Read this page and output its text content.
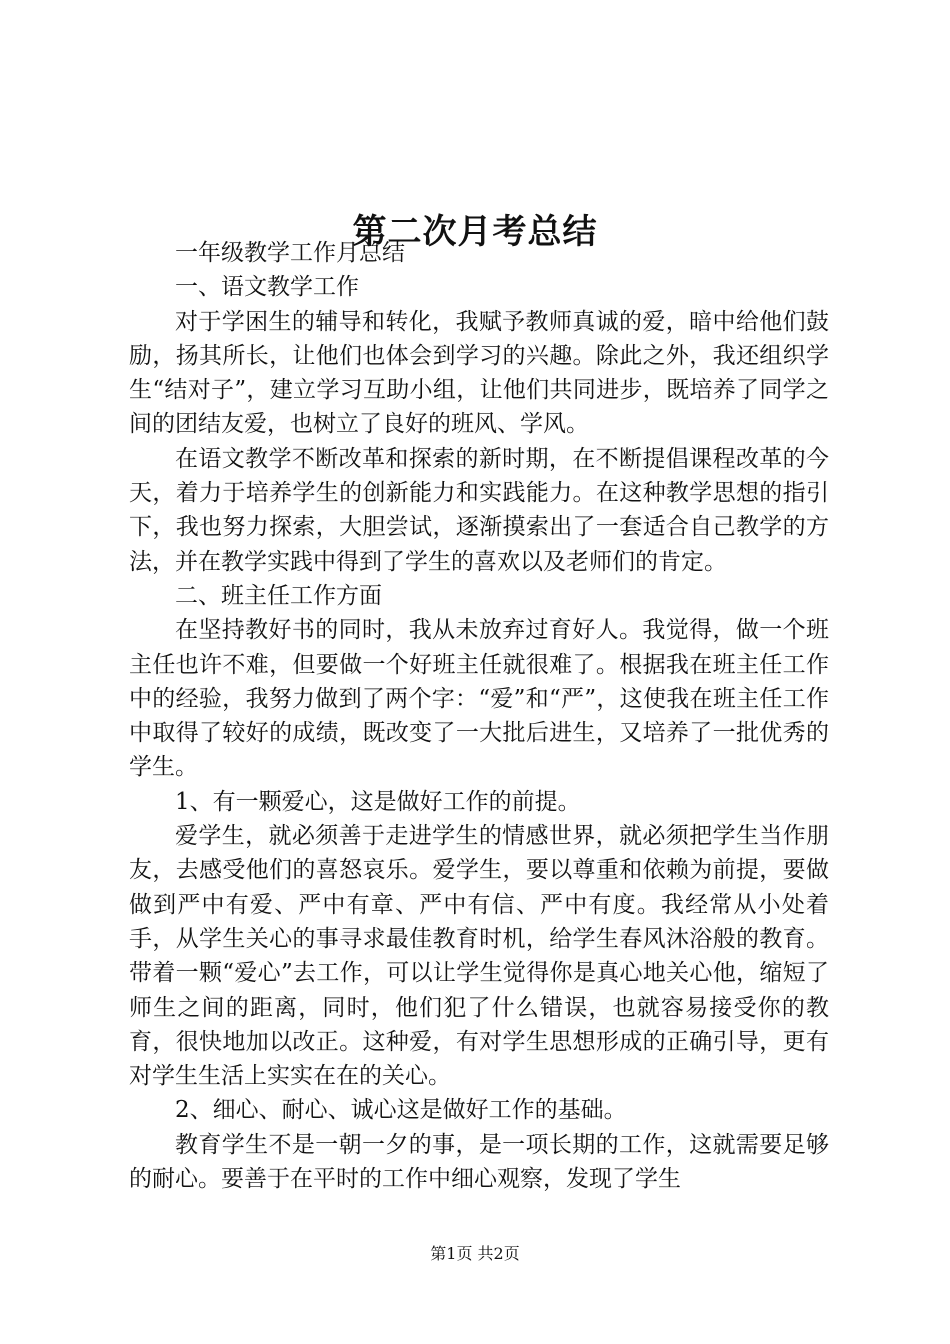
第二次月考总结

一年级教学工作月总结

一、语文教学工作

对于学困生的辅导和转化，我赋予教师真诚的爱，暗中给他们鼓励，扬其所长，让他们也体会到学习的兴趣。除此之外，我还组织学生“结对子”，建立学习互助小组，让他们共同进步，既培养了同学之间的团结友爱，也树立了良好的班风、学风。

在语文教学不断改革和探索的新时期，在不断提倡课程改革的今天，着力于培养学生的创新能力和实践能力。在这种教学思想的指引下，我也努力探索，大胆尝试，逐渐摸索出了一套适合自己教学的方法，并在教学实践中得到了学生的喜欢以及老师们的肯定。

二、班主任工作方面

在坚持教好书的同时，我从未放弃过育好人。我觉得，做一个班主任也许不难，但要做一个好班主任就很难了。根据我在班主任工作中的经验，我努力做到了两个字：“爱”和“严”，这使我在班主任工作中取得了较好的成绩，既改变了一大批后进生，又培养了一批优秀的学生。

1、有一颗爱心，这是做好工作的前提。

爱学生，就必须善于走进学生的情感世界，就必须把学生当作朋友，去感受他们的喜怒哀乐。爱学生，要以尊重和依赖为前提，要做做到严中有爱、严中有章、严中有信、严中有度。我经常从小处着手，从学生关心的事寻求最佳教育时机，给学生春风沐浴般的教育。带着一颗“爱心”去工作，可以让学生觉得你是真心地关心他，缩短了师生之间的距离，同时，他们犯了什么错误，也就容易接受你的教育，很快地加以改正。这种爱，有对学生思想形成的正确引导，更有对学生生活上实实在在的关心。

2、细心、耐心、诚心这是做好工作的基础。

教育学生不是一朝一夕的事，是一项长期的工作，这就需要足够的耐心。要善于在平时的工作中细心观察，发现了学生

第1页 共2页
